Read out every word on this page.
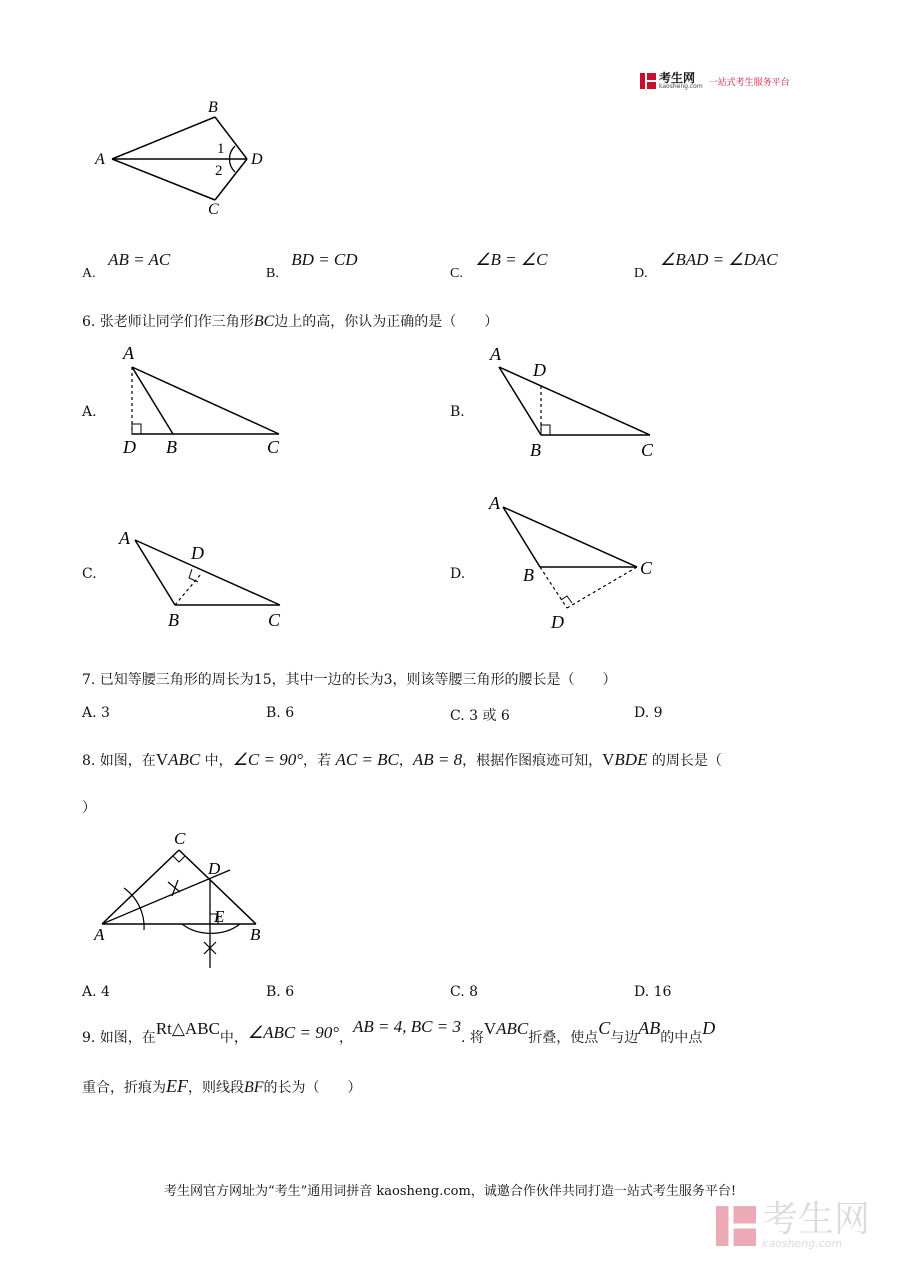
考生网
kaosheng.com 一站式考生服务平台
B
A	D
C
1
2
A. AB = AC
B. BD = CD
C. ∠B = ∠C
D. ∠BAD = ∠DAC
6. 张老师让同学们作三角形BC边上的高，你认为正确的是（　　）
A.
A
D B	C
B.
A
D
B	C
C.
A
D
B	C
D.
A
B	C
D
7. 已知等腰三角形的周长为15，其中一边的长为3，则该等腰三角形的腰长是（　　）
A. 3	B. 6	C. 3 或 6	D. 9
8. 如图，在VABC 中，∠C = 90°，若 AC = BC，AB = 8，根据作图痕迹可知，VBDE 的周长是（
）
C
D
E
A	B
A. 4	B. 6	C. 8	D. 16
9. 如图，在Rt△ABC中，∠ABC = 90°，AB = 4, BC = 3. 将VABC折叠，使点C与边AB的中点D
重合，折痕为EF，则线段BF的长为（　　）
考生网官方网址为“考生”通用词拼音 kaosheng.com，诚邀合作伙伴共同打造一站式考生服务平台!
考生网
kaosheng.com
